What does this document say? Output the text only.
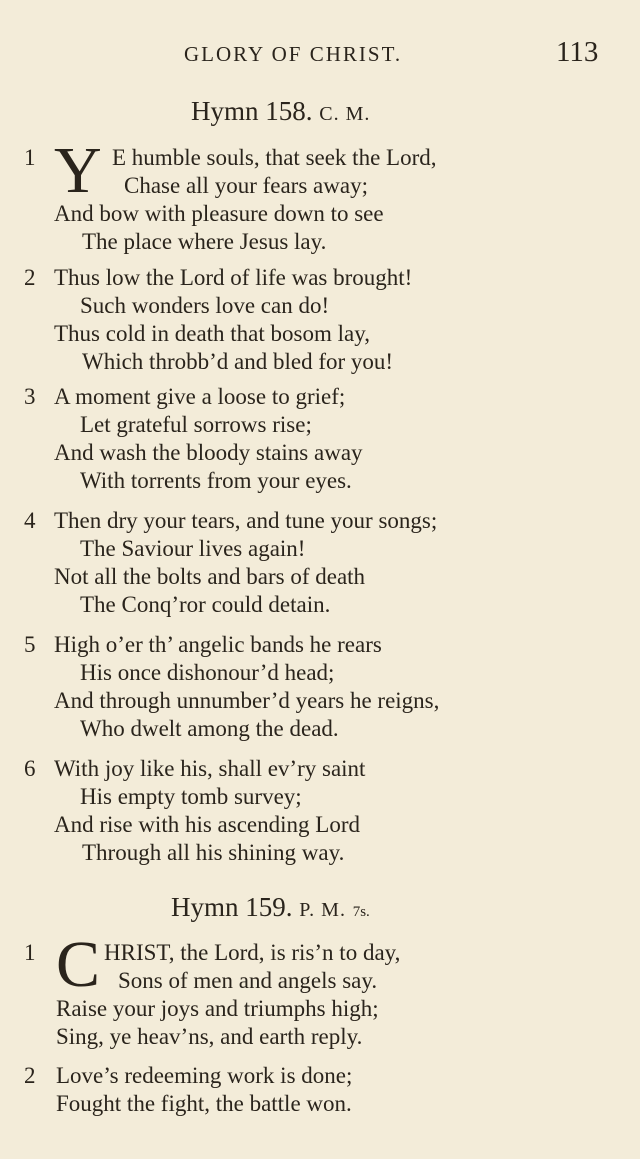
GLORY OF CHRIST.	113
Hymn 158. C. M.
1 Y E humble souls, that seek the Lord,
Chase all your fears away;
And bow with pleasure down to see
The place where Jesus lay.
2 Thus low the Lord of life was brought!
Such wonders love can do!
Thus cold in death that bosom lay,
Which throbb’d and bled for you!
3 A moment give a loose to grief;
Let grateful sorrows rise;
And wash the bloody stains away
With torrents from your eyes.
4 Then dry your tears, and tune your songs;
The Saviour lives again!
Not all the bolts and bars of death
The Conq’ror could detain.
5 High o’er th’ angelic bands he rears
His once dishonour’d head;
And through unnumber’d years he reigns,
Who dwelt among the dead.
6 With joy like his, shall ev’ry saint
His empty tomb survey;
And rise with his ascending Lord
Through all his shining way.
Hymn 159. P. M. 7s.
1 C HRIST, the Lord, is ris’n to day,
Sons of men and angels say.
Raise your joys and triumphs high;
Sing, ye heav’ns, and earth reply.
2 Love’s redeeming work is done;
Fought the fight, the battle won.
